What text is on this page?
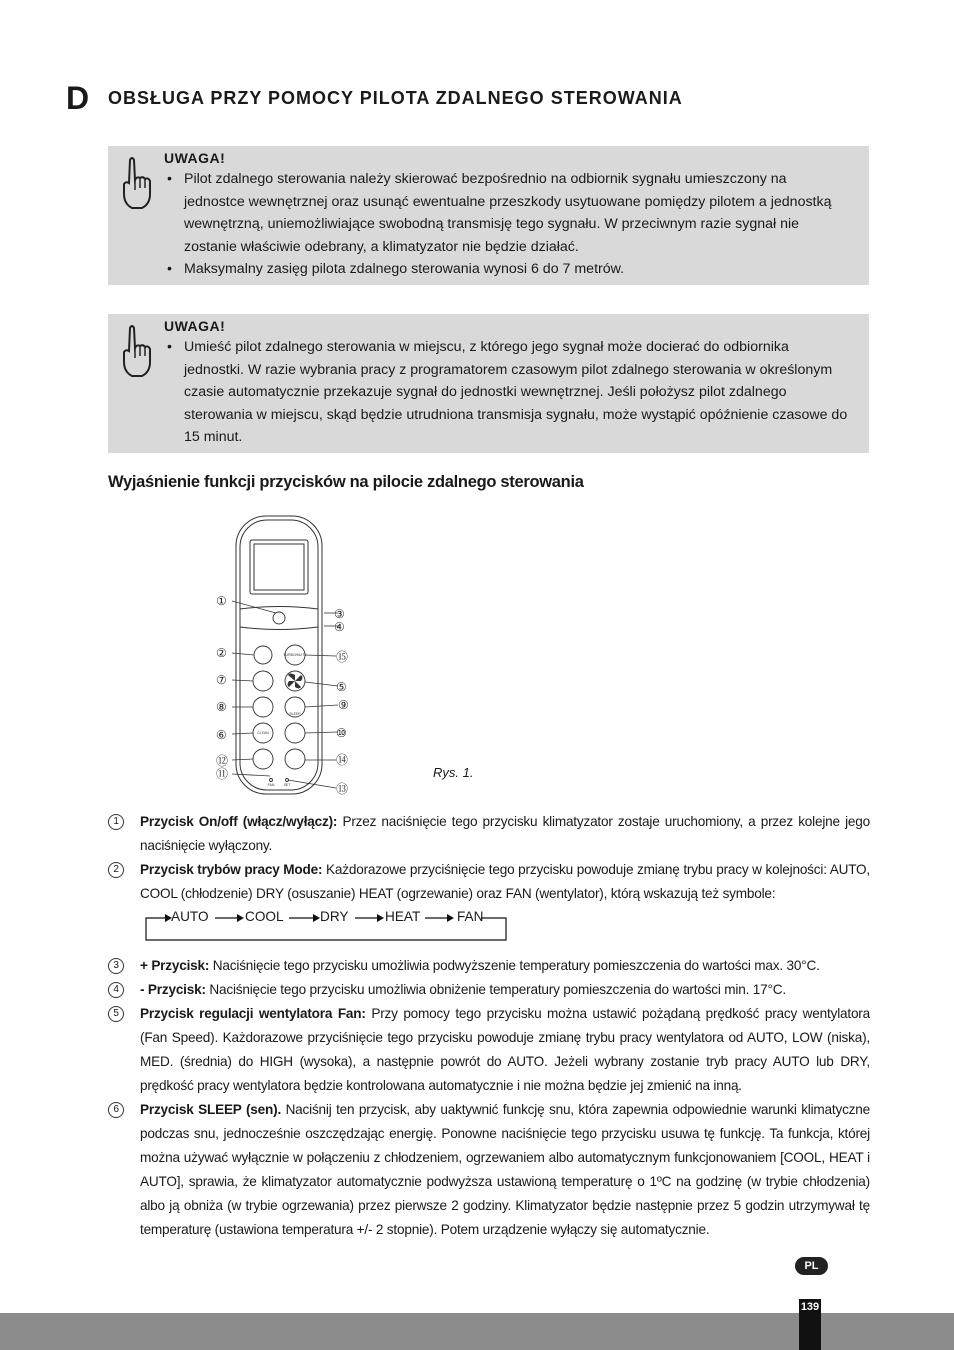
D OBSŁUGA PRZY POMOCY PILOTA ZDALNEGO STEROWANIA
UWAGA!
• Pilot zdalnego sterowania należy skierować bezpośrednio na odbiornik sygnału umieszczony na jednostce wewnętrznej oraz usunąć ewentualne przeszkody usytuowane pomiędzy pilotem a jednostką wewnętrzną, uniemożliwiające swobodną transmisję tego sygnału. W przeciwnym razie sygnał nie zostanie właściwie odebrany, a klimatyzator nie będzie działać.
• Maksymalny zasięg pilota zdalnego sterowania wynosi 6 do 7 metrów.
UWAGA!
• Umieść pilot zdalnego sterowania w miejscu, z którego jego sygnał może docierać do odbiornika jednostki. W razie wybrania pracy z programatorem czasowym pilot zdalnego sterowania w określonym czasie automatycznie przekazuje sygnał do jednostki wewnętrznej. Jeśli położysz pilot zdalnego sterowania w miejscu, skąd będzie utrudniona transmisja sygnału, może wystąpić opóźnienie czasowe do 15 minut.
Wyjaśnienie funkcji przycisków na pilocie zdalnego sterowania
①
②
③
④
⑤
⑥
⑦
⑧	⑨
⑩
⑪
⑫
⑬
⑭
⑮
TURBO/MUTE
SLEEP
FAN	SET
CLEAN
Rys. 1.
1	Przycisk On/off (włącz/wyłącz): Przez naciśnięcie tego przycisku klimatyzator zostaje uruchomiony, a przez kolejne jego naciśnięcie wyłączony.
2	Przycisk trybów pracy Mode: Każdorazowe przyciśnięcie tego przycisku powoduje zmianę trybu pracy w kolejności: AUTO, COOL (chłodzenie) DRY (osuszanie) HEAT (ogrzewanie) oraz FAN (wentylator), którą wskazują też symbole:
AUTO	COOL	DRY	HEAT	FAN
3	+ Przycisk: Naciśnięcie tego przycisku umożliwia podwyższenie temperatury pomieszczenia do wartości max. 30°C.
4	- Przycisk: Naciśnięcie tego przycisku umożliwia obniżenie temperatury pomieszczenia do wartości min. 17°C.
5	Przycisk regulacji wentylatora Fan: Przy pomocy tego przycisku można ustawić pożądaną prędkość pracy wentylatora (Fan Speed). Każdorazowe przyciśnięcie tego przycisku powoduje zmianę trybu pracy wentylatora od AUTO, LOW (niska), MED. (średnia) do HIGH (wysoka), a następnie powrót do AUTO. Jeżeli wybrany zostanie tryb pracy AUTO lub DRY, prędkość pracy wentylatora będzie kontrolowana automatycznie i nie można będzie jej zmienić na inną.
6	Przycisk SLEEP (sen). Naciśnij ten przycisk, aby uaktywnić funkcję snu, która zapewnia odpowiednie warunki klimatyczne podczas snu, jednocześnie oszczędzając energię. Ponowne naciśnięcie tego przycisku usuwa tę funkcję. Ta funkcja, której można używać wyłącznie w połączeniu z chłodzeniem, ogrzewaniem albo automatycznym funkcjonowaniem [COOL, HEAT i AUTO], sprawia, że klimatyzator automatycznie podwyższa ustawioną temperaturę o 1ºC na godzinę (w trybie chłodzenia) albo ją obniża (w trybie ogrzewania) przez pierwsze 2 godziny. Klimatyzator będzie następnie przez 5 godzin utrzymywał tę temperaturę (ustawiona temperatura +/- 2 stopnie). Potem urządzenie wyłączy się automatycznie.
PL
139
